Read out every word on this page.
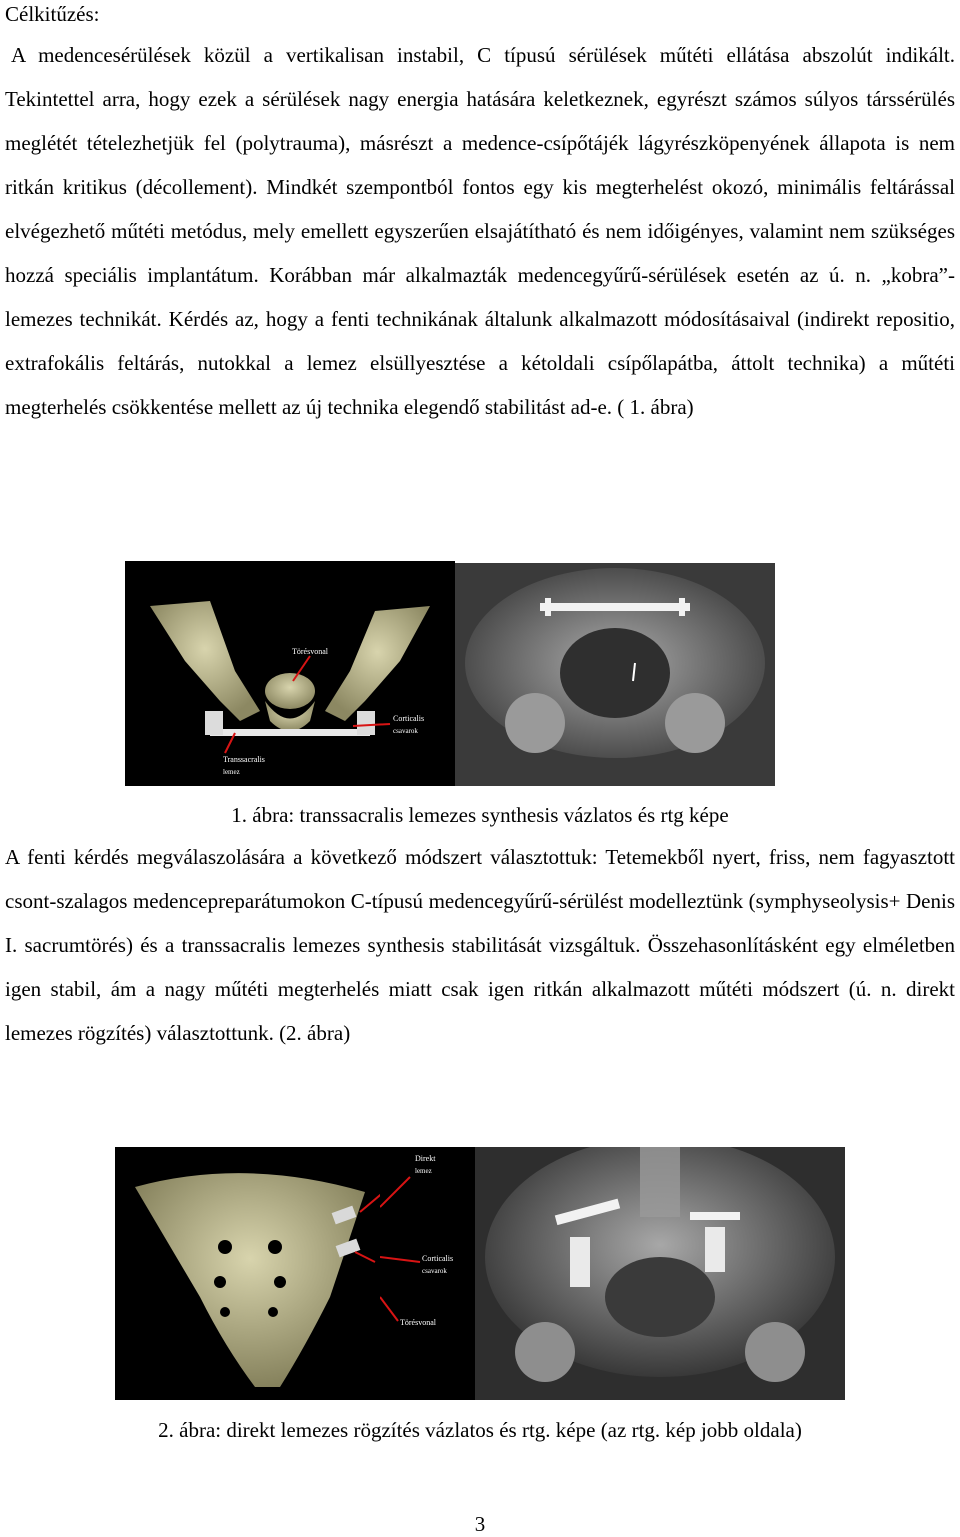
Célkitűzés:

A medencesérülések közül a vertikalisan instabil, C típusú sérülések műtéti ellátása abszolút indikált. Tekintettel arra, hogy ezek a sérülések nagy energia hatására keletkeznek, egyrészt számos súlyos társsérülés meglétét tételezhetjük fel (polytrauma), másrészt a medence-csípőtájék lágyrészköpenyének állapota is nem ritkán kritikus (décollement). Mindkét szempontból fontos egy kis megterhelést okozó, minimális feltárással elvégezhető műtéti metódus, mely emellett egyszerűen elsajátítható és nem időigényes, valamint nem szükséges hozzá speciális implantátum. Korábban már alkalmazták medencegyűrű-sérülések esetén az ú. n. „kobra”-lemezes technikát. Kérdés az, hogy a fenti technikának általunk alkalmazott módosításaival (indirekt repositio, extrafokális feltárás, nutokkal a lemez elsüllyesztése a kétoldali csípőlapátba, áttolt technika) a műtéti megterhelés csökkentése mellett az új technika elegendő stabilitást ad-e. ( 1. ábra)

Törésvonal
Corticalis
csavarok
Transsacralis
lemez
1. ábra: transsacralis lemezes synthesis vázlatos és rtg képe

A fenti kérdés megválaszolására a következő módszert választottuk: Tetemekből nyert, friss, nem fagyasztott csont-szalagos medencepreparátumokon C-típusú medencegyűrű-sérülést modelleztünk (symphyseolysis+ Denis I. sacrumtörés) és a transsacralis lemezes synthesis stabilitását vizsgáltuk. Összehasonlításként egy elméletben igen stabil, ám a nagy műtéti megterhelés miatt csak igen ritkán alkalmazott műtéti módszert (ú. n. direkt lemezes rögzítés) választottunk. (2. ábra)

Direkt
lemez
Corticalis
csavarok
Törésvonal
2. ábra: direkt lemezes rögzítés vázlatos és rtg. képe (az rtg. kép jobb oldala)
3
